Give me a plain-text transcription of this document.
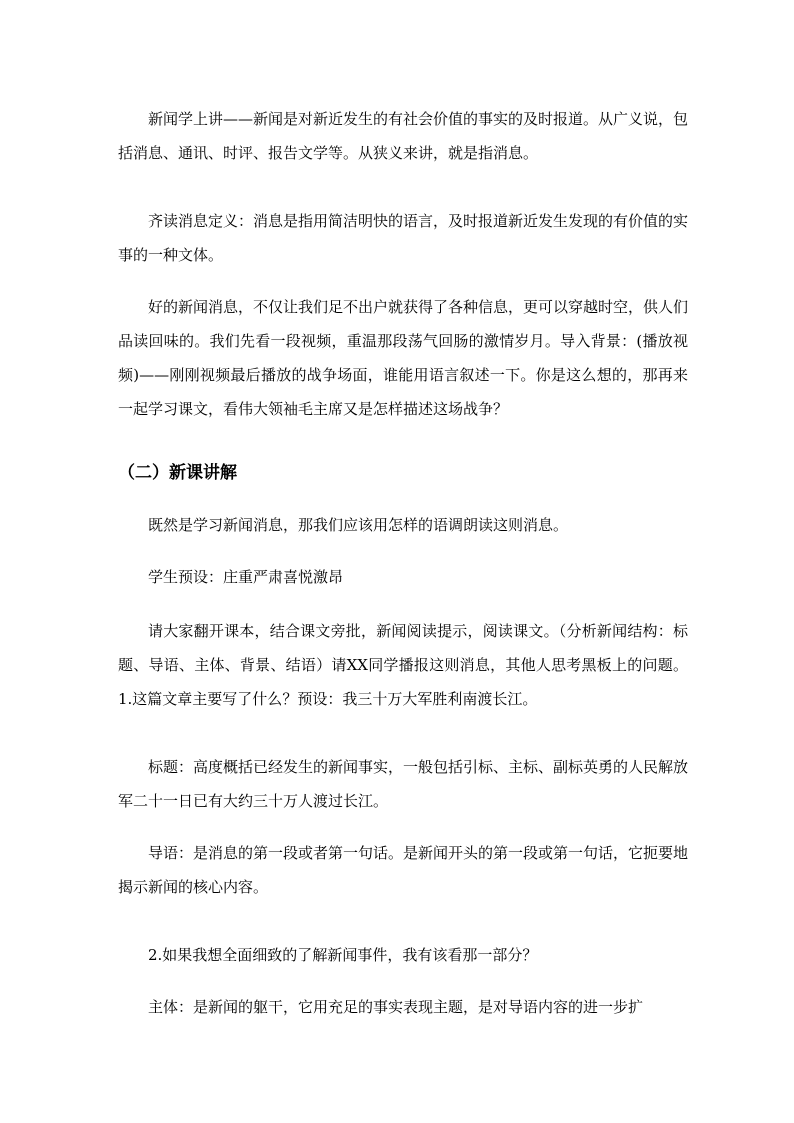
新闻学上讲——新闻是对新近发生的有社会价值的事实的及时报道。从广义说，包括消息、通讯、时评、报告文学等。从狭义来讲，就是指消息。

齐读消息定义：消息是指用简洁明快的语言，及时报道新近发生发现的有价值的实事的一种文体。

好的新闻消息，不仅让我们足不出户就获得了各种信息，更可以穿越时空，供人们品读回味的。我们先看一段视频，重温那段荡气回肠的激情岁月。导入背景：(播放视频)——刚刚视频最后播放的战争场面，谁能用语言叙述一下。你是这么想的，那再来一起学习课文，看伟大领袖毛主席又是怎样描述这场战争？

（二）新课讲解

既然是学习新闻消息，那我们应该用怎样的语调朗读这则消息。

学生预设：庄重严肃喜悦激昂

请大家翻开课本，结合课文旁批，新闻阅读提示，阅读课文。（分析新闻结构：标题、导语、主体、背景、结语）请XX同学播报这则消息，其他人思考黑板上的问题。1.这篇文章主要写了什么？预设：我三十万大军胜利南渡长江。

标题：高度概括已经发生的新闻事实，一般包括引标、主标、副标英勇的人民解放军二十一日已有大约三十万人渡过长江。

导语：是消息的第一段或者第一句话。是新闻开头的第一段或第一句话，它扼要地揭示新闻的核心内容。

2.如果我想全面细致的了解新闻事件，我有该看那一部分？

主体：是新闻的躯干，它用充足的事实表现主题，是对导语内容的进一步扩
